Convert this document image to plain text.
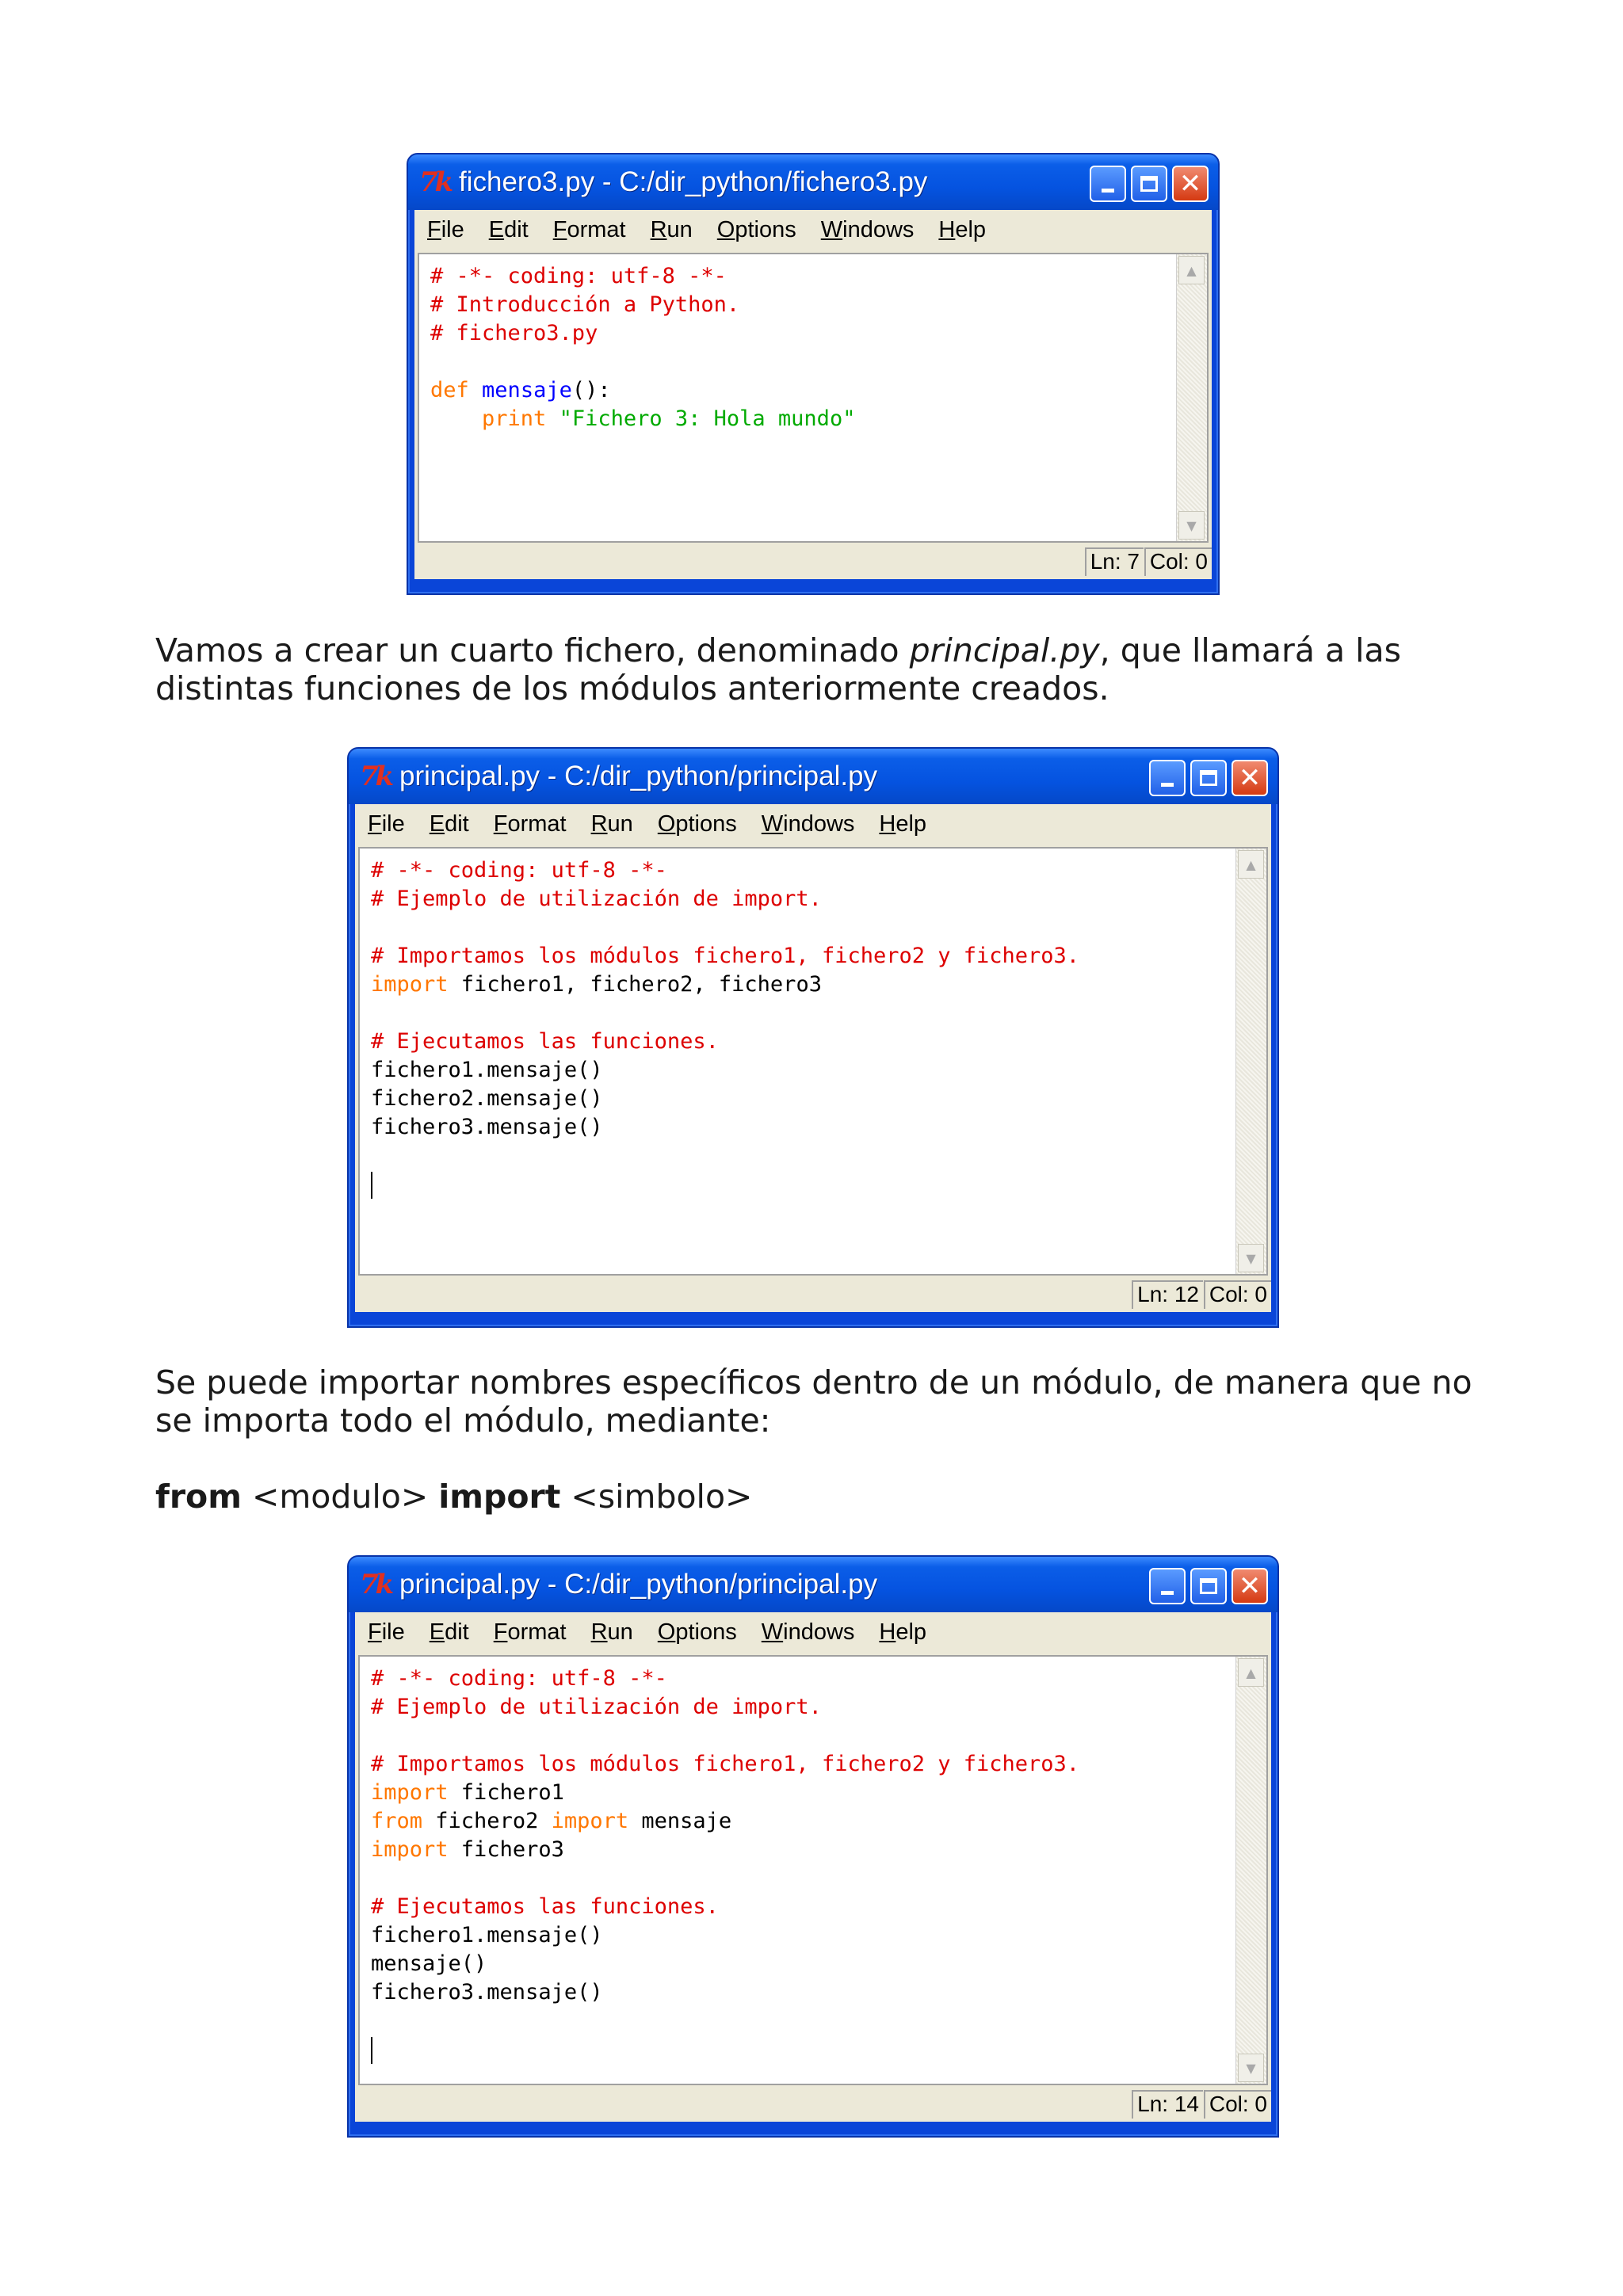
7k fichero3.py - C:/dir_python/fichero3.py	✕
File Edit Format Run Options Windows Help
# -*- coding: utf-8 -*-
# Introducción a Python.
# fichero3.py

def mensaje():
print "Fichero 3: Hola mundo"

▲
▼
Ln: 7 Col: 0
Vamos a crear un cuarto fichero, denominado principal.py, que llamará a las distintas funciones de los módulos anteriormente creados.
7k principal.py - C:/dir_python/principal.py	✕
File Edit Format Run Options Windows Help
# -*- coding: utf-8 -*-
# Ejemplo de utilización de import.

# Importamos los módulos fichero1, fichero2 y fichero3.
import fichero1, fichero2, fichero3

# Ejecutamos las funciones.
fichero1.mensaje()
fichero2.mensaje()
fichero3.mensaje()

▲
▼
Ln: 12 Col: 0
Se puede importar nombres específicos dentro de un módulo, de manera que no se importa todo el módulo, mediante:
from <modulo> import <simbolo>
7k principal.py - C:/dir_python/principal.py	✕
File Edit Format Run Options Windows Help
# -*- coding: utf-8 -*-
# Ejemplo de utilización de import.

# Importamos los módulos fichero1, fichero2 y fichero3.
import fichero1
from fichero2 import mensaje
import fichero3

# Ejecutamos las funciones.
fichero1.mensaje()
mensaje()
fichero3.mensaje()

▲
▼
Ln: 14 Col: 0
